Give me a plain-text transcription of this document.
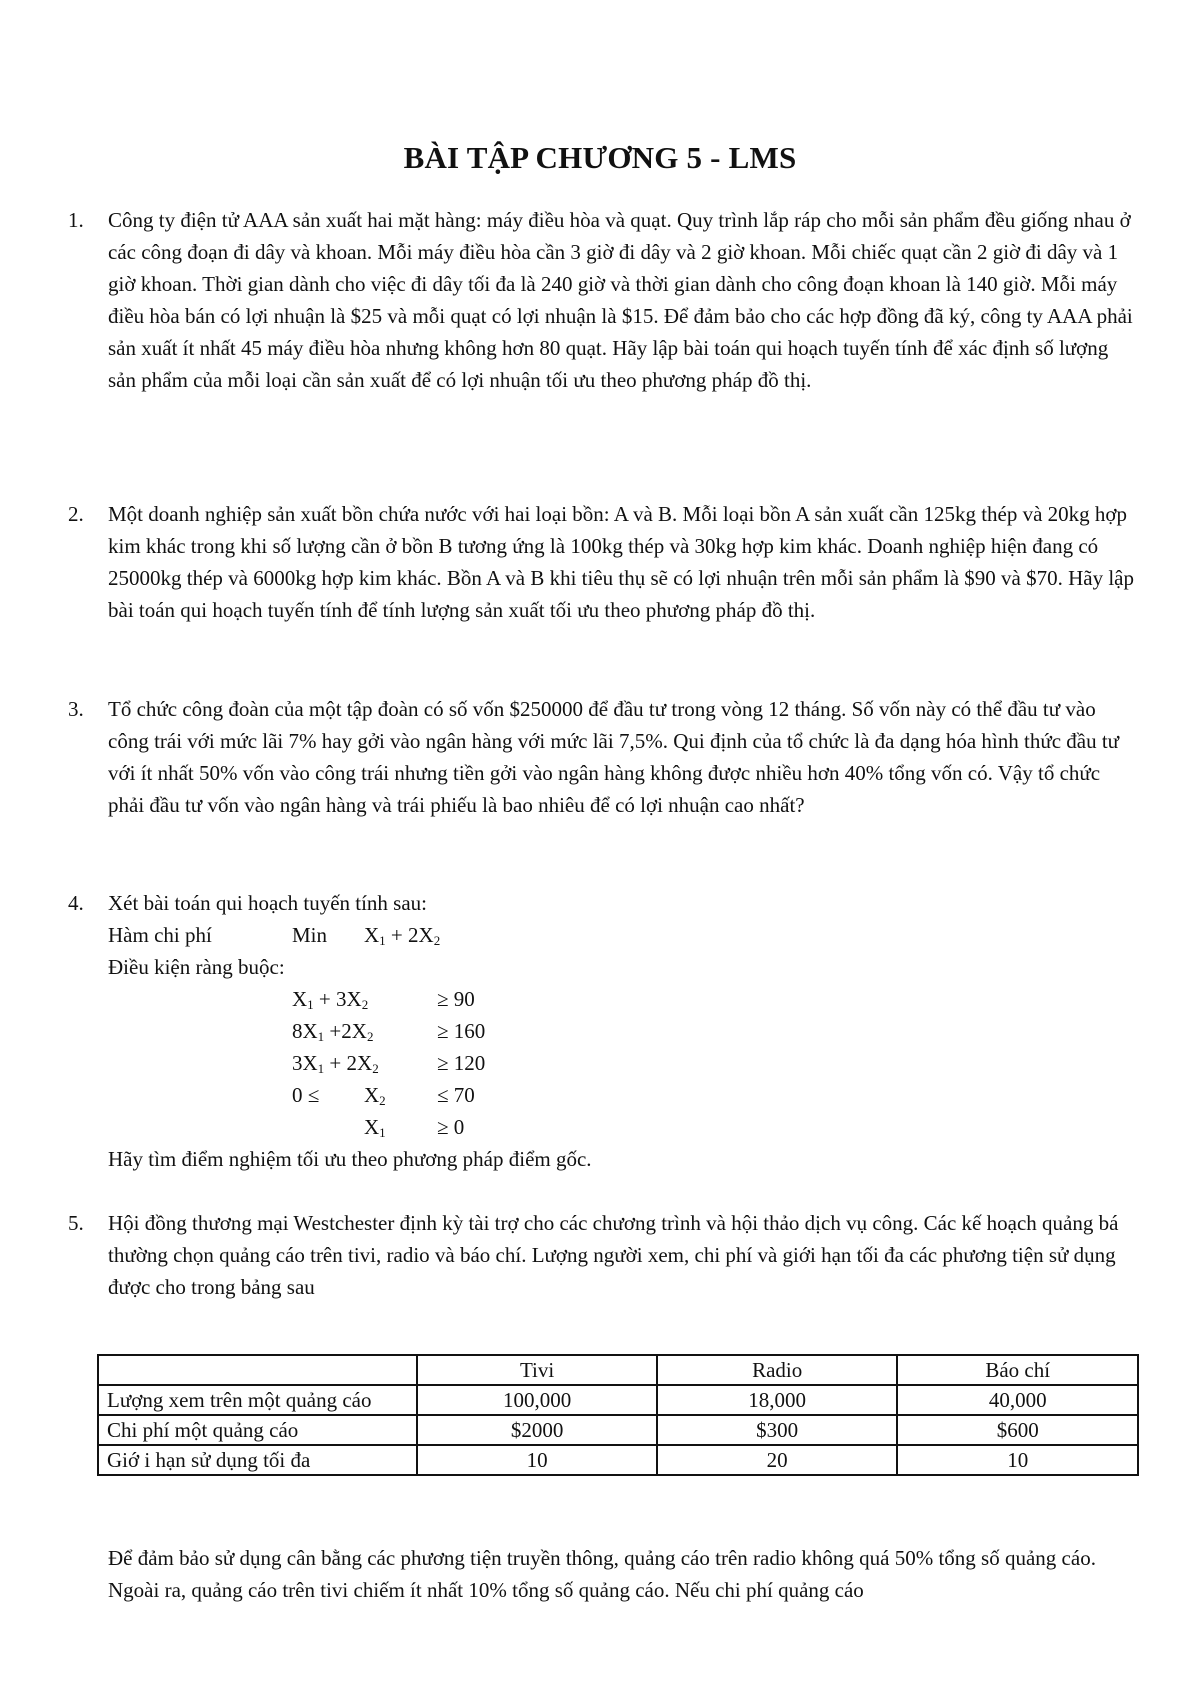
BÀI TẬP CHƯƠNG 5 - LMS
1. Công ty điện tử AAA sản xuất hai mặt hàng: máy điều hòa và quạt. Quy trình lắp ráp cho mỗi sản phẩm đều giống nhau ở các công đoạn đi dây và khoan. Mỗi máy điều hòa cần 3 giờ đi dây và 2 giờ khoan. Mỗi chiếc quạt cần 2 giờ đi dây và 1 giờ khoan. Thời gian dành cho việc đi dây tối đa là 240 giờ và thời gian dành cho công đoạn khoan là 140 giờ. Mỗi máy điều hòa bán có lợi nhuận là $25 và mỗi quạt có lợi nhuận là $15. Để đảm bảo cho các hợp đồng đã ký, công ty AAA phải sản xuất ít nhất 45 máy điều hòa nhưng không hơn 80 quạt. Hãy lập bài toán qui hoạch tuyến tính để xác định số lượng sản phẩm của mỗi loại cần sản xuất để có lợi nhuận tối ưu theo phương pháp đồ thị.
2. Một doanh nghiệp sản xuất bồn chứa nước với hai loại bồn: A và B. Mỗi loại bồn A sản xuất cần 125kg thép và 20kg hợp kim khác trong khi số lượng cần ở bồn B tương ứng là 100kg thép và 30kg hợp kim khác. Doanh nghiệp hiện đang có 25000kg thép và 6000kg hợp kim khác. Bồn A và B khi tiêu thụ sẽ có lợi nhuận trên mỗi sản phẩm là $90 và $70. Hãy lập bài toán qui hoạch tuyến tính để tính lượng sản xuất tối ưu theo phương pháp đồ thị.
3. Tổ chức công đoàn của một tập đoàn có số vốn $250000 để đầu tư trong vòng 12 tháng. Số vốn này có thể đầu tư vào công trái với mức lãi 7% hay gởi vào ngân hàng với mức lãi 7,5%. Qui định của tổ chức là đa dạng hóa hình thức đầu tư với ít nhất 50% vốn vào công trái nhưng tiền gởi vào ngân hàng không được nhiều hơn 40% tổng vốn có. Vậy tổ chức phải đầu tư vốn vào ngân hàng và trái phiếu là bao nhiêu để có lợi nhuận cao nhất?
4. Xét bài toán qui hoạch tuyến tính sau:
Hàm chi phí	Min $X_1 + 2X_2$
Điều kiện ràng buộc:
$X_1 + 3X_2$	≥ 90
$8X_1 +2X_2$	≥ 160
$3X_1 + 2X_2$	≥ 120
$0 \le X_2 \le 70$
$X_1 \ge 0$
Hãy tìm điểm nghiệm tối ưu theo phương pháp điểm gốc.
5. Hội đồng thương mại Westchester định kỳ tài trợ cho các chương trình và hội thảo dịch vụ công. Các kế hoạch quảng bá thường chọn quảng cáo trên tivi, radio và báo chí. Lượng người xem, chi phí và giới hạn tối đa các phương tiện sử dụng được cho trong bảng sau
	Tivi	Radio	Báo chí
Lượng xem trên một quảng cáo	100,000	18,000	40,000
Chi phí một quảng cáo	$2000	$300	$600
Giớ i hạn sử dụng tối đa	10	20	10
Để đảm bảo sử dụng cân bằng các phương tiện truyền thông, quảng cáo trên radio không quá 50% tổng số quảng cáo. Ngoài ra, quảng cáo trên tivi chiếm ít nhất 10% tổng số quảng cáo. Nếu chi phí quảng cáo
